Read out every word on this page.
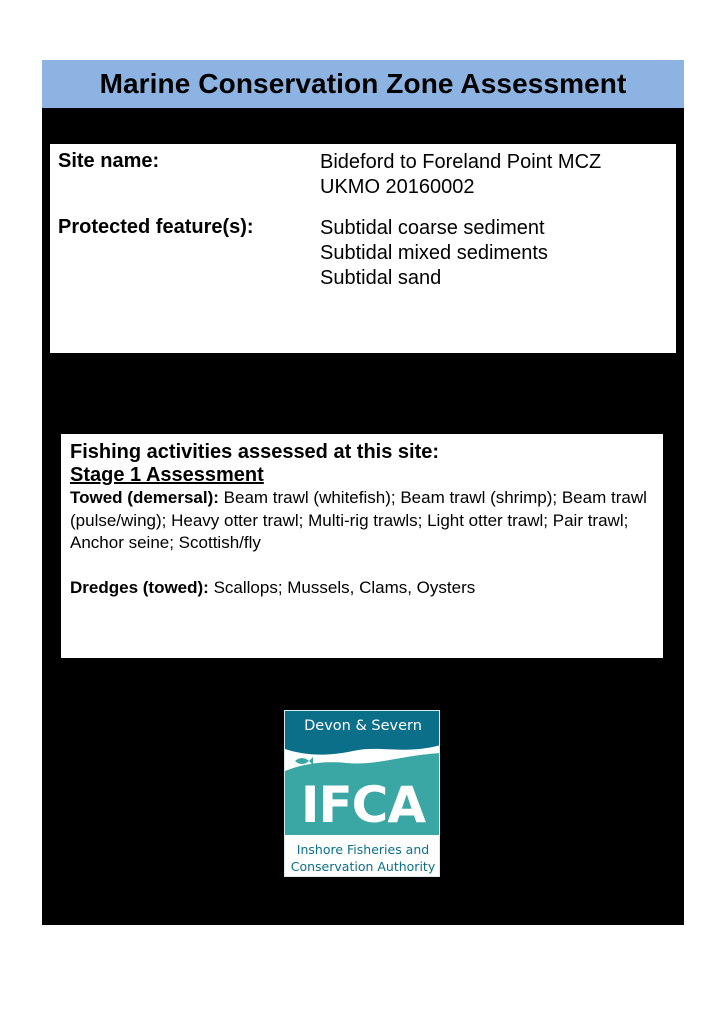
Marine Conservation Zone Assessment
Site name:	Bideford to Foreland Point MCZ
UKMO 20160002
Protected feature(s):	Subtidal coarse sediment
Subtidal mixed sediments
Subtidal sand
Fishing activities assessed at this site:
Stage 1 Assessment
Towed (demersal): Beam trawl (whitefish); Beam trawl (shrimp); Beam trawl (pulse/wing); Heavy otter trawl; Multi-rig trawls; Light otter trawl; Pair trawl; Anchor seine; Scottish/fly
Dredges (towed): Scallops; Mussels, Clams, Oysters
Devon & Severn
IFCA
Inshore Fisheries and
Conservation Authority
